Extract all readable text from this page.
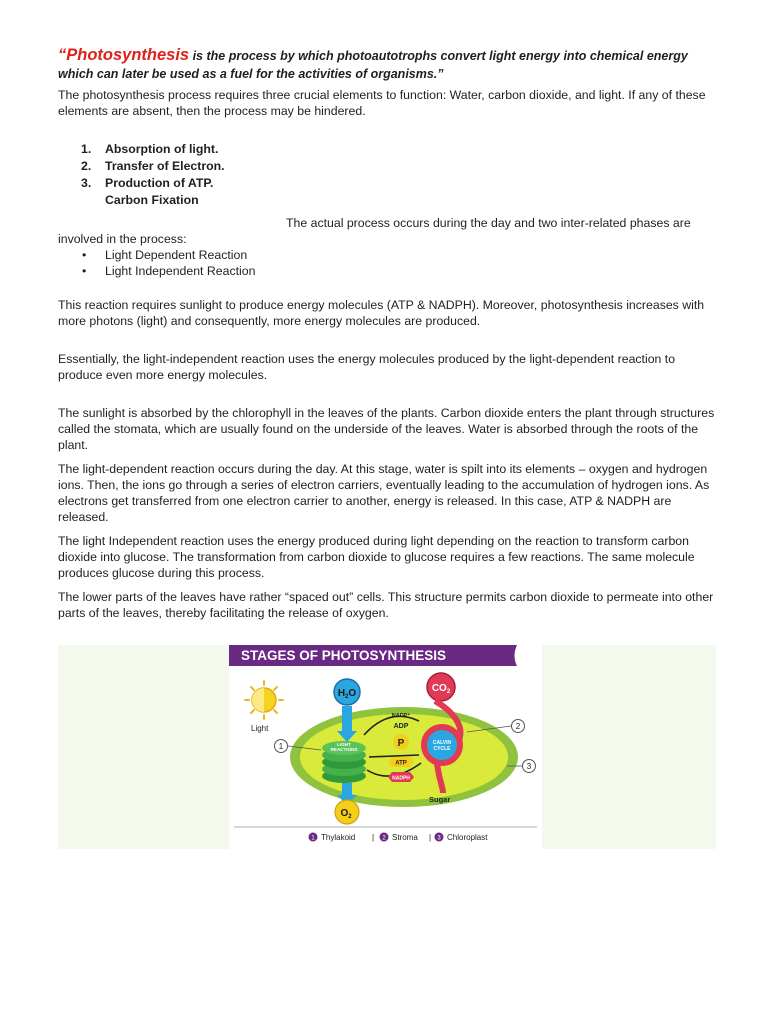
“Photosynthesis is the process by which photoautotrophs convert light energy into chemical energy which can later be used as a fuel for the activities of organisms.”

The photosynthesis process requires three crucial elements to function: Water, carbon dioxide, and light. If any of these elements are absent, then the process may be hindered.

1. Absorption of light.
2. Transfer of Electron.
3. Production of ATP.
Carbon Fixation

The actual process occurs during the day and two inter-related phases are involved in the process:

• Light Dependent Reaction
• Light Independent Reaction

This reaction requires sunlight to produce energy molecules (ATP & NADPH). Moreover, photosynthesis increases with more photons (light) and consequently, more energy molecules are produced.

Essentially, the light-independent reaction uses the energy molecules produced by the light-dependent reaction to produce even more energy molecules.

The sunlight is absorbed by the chlorophyll in the leaves of the plants. Carbon dioxide enters the plant through structures called the stomata, which are usually found on the underside of the leaves. Water is absorbed through the roots of the plant.

The light-dependent reaction occurs during the day. At this stage, water is spilt into its elements – oxygen and hydrogen ions. Then, the ions go through a series of electron carriers, eventually leading to the accumulation of hydrogen ions. As electrons get transferred from one electron carrier to another, energy is released. In this case, ATP & NADPH are released.

The light Independent reaction uses the energy produced during light depending on the reaction to transform carbon dioxide into glucose. The transformation from carbon dioxide to glucose requires a few reactions. The same molecule produces glucose during this process.

The lower parts of the leaves have rather “spaced out” cells. This structure permits carbon dioxide to permeate into other parts of the leaves, thereby facilitating the release of oxygen.

STAGES OF PHOTOSYNTHESIS
Light
LIGHT
REACTIONS
$H_2O$	$CO_2$
CALVIN
CYCLE
NADP⁺
ADP
P
ATP
NADPH
Sugar
$O_2$
1
2
3
1 Thylakoid | 2 Stroma | 3 Chloroplast
